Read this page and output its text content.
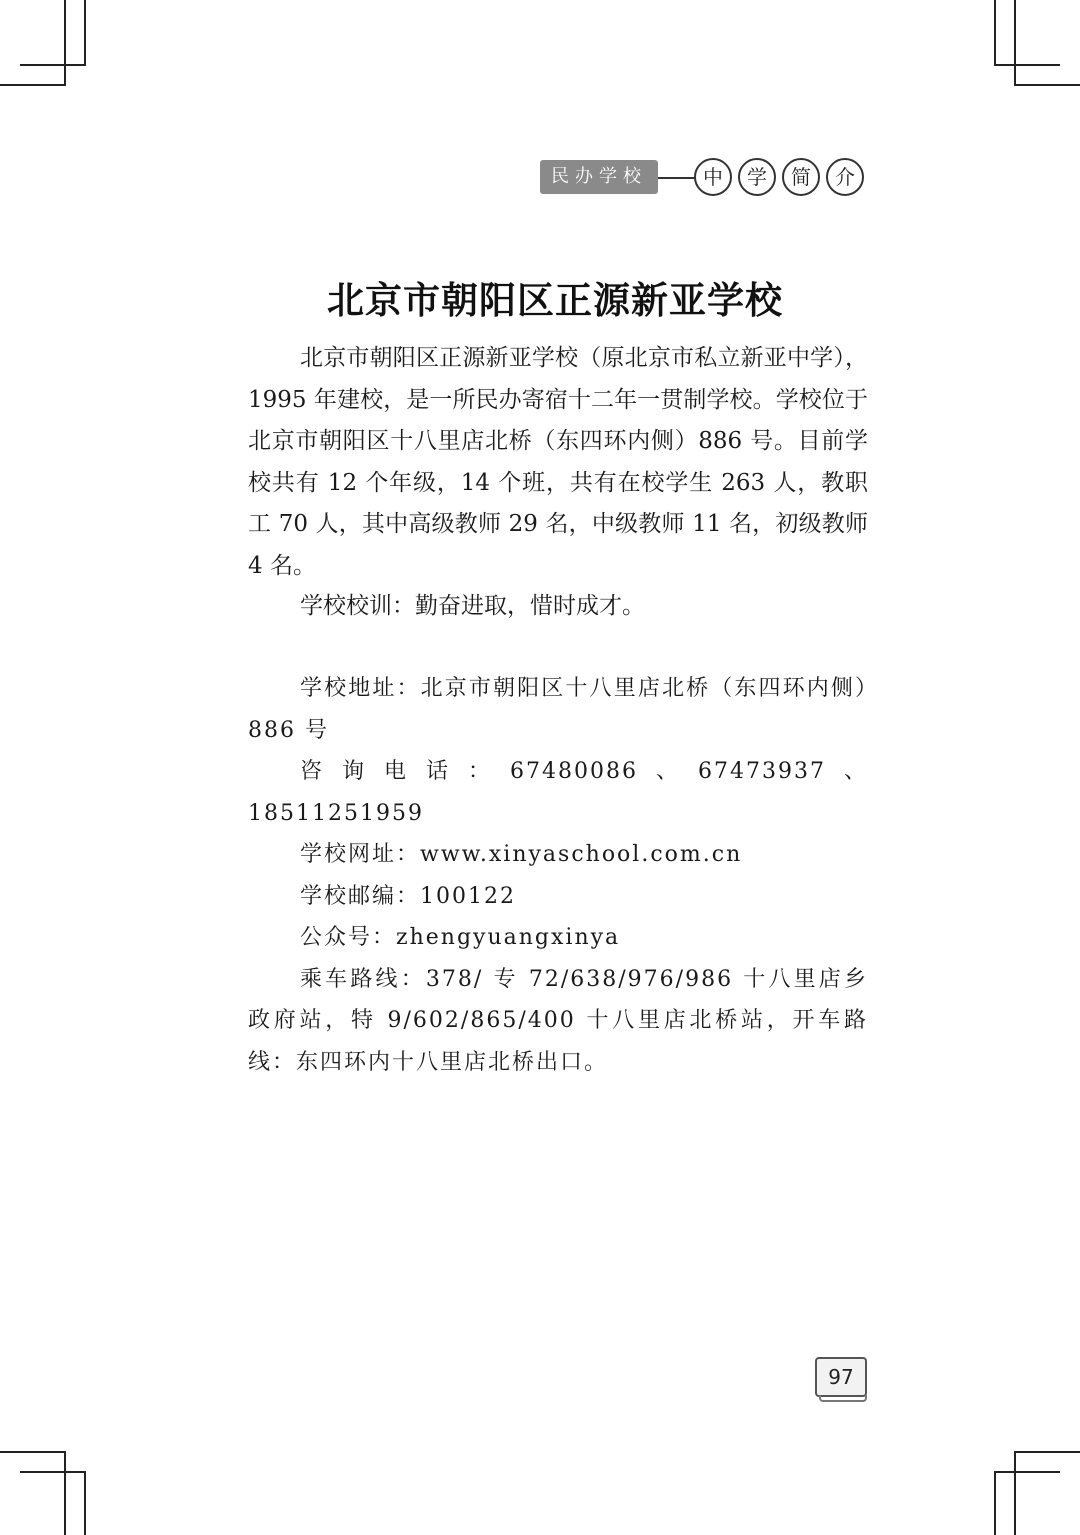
民办学校	中	学	简	介
北京市朝阳区正源新亚学校

北京市朝阳区正源新亚学校（原北京市私立新亚中学），1995 年建校，是一所民办寄宿十二年一贯制学校。学校位于北京市朝阳区十八里店北桥（东四环内侧）886 号。目前学校共有 12 个年级，14 个班，共有在校学生 263 人，教职工 70 人，其中高级教师 29 名，中级教师 11 名，初级教师 4 名。

学校校训：勤奋进取，惜时成才。

学校地址：北京市朝阳区十八里店北桥（东四环内侧）886 号

咨询电话：67480086、67473937、18511251959

学校网址：www.xinyaschool.com.cn

学校邮编：100122

公众号：zhengyuangxinya

乘车路线：378/ 专 72/638/976/986 十八里店乡政府站，特 9/602/865/400 十八里店北桥站，开车路线：东四环内十八里店北桥出口。

97
